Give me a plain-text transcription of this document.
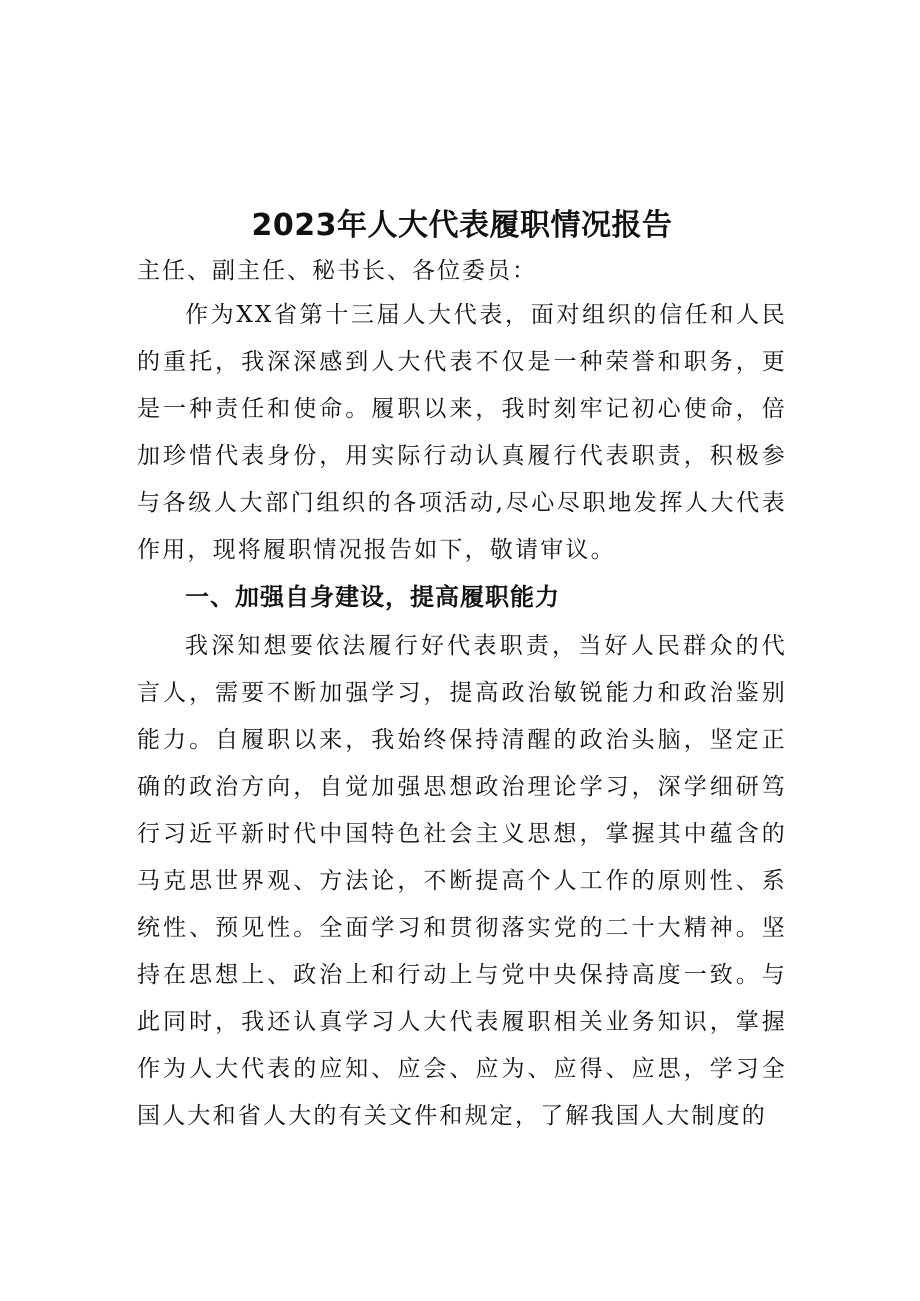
2023年人大代表履职情况报告

主任、副主任、秘书长、各位委员：

作为XX省第十三届人大代表，面对组织的信任和人民的重托，我深深感到人大代表不仅是一种荣誉和职务，更是一种责任和使命。履职以来，我时刻牢记初心使命，倍加珍惜代表身份，用实际行动认真履行代表职责，积极参与各级人大部门组织的各项活动,尽心尽职地发挥人大代表作用，现将履职情况报告如下，敬请审议。

一、加强自身建设，提高履职能力

我深知想要依法履行好代表职责，当好人民群众的代言人，需要不断加强学习，提高政治敏锐能力和政治鉴别能力。自履职以来，我始终保持清醒的政治头脑，坚定正确的政治方向，自觉加强思想政治理论学习，深学细研笃行习近平新时代中国特色社会主义思想，掌握其中蕴含的马克思世界观、方法论，不断提高个人工作的原则性、系统性、预见性。全面学习和贯彻落实党的二十大精神。坚持在思想上、政治上和行动上与党中央保持高度一致。与此同时，我还认真学习人大代表履职相关业务知识，掌握作为人大代表的应知、应会、应为、应得、应思，学习全国人大和省人大的有关文件和规定，了解我国人大制度的
